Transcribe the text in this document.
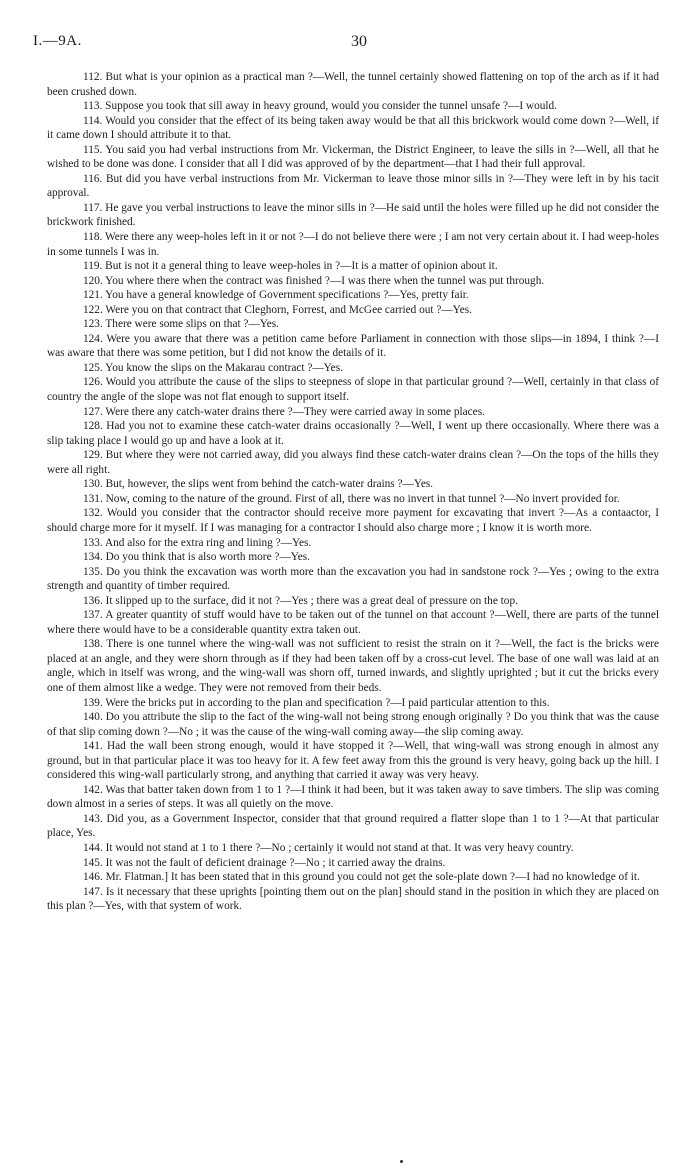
I.—9A.	30

112. But what is your opinion as a practical man ?—Well, the tunnel certainly showed flattening on top of the arch as if it had been crushed down.

113. Suppose you took that sill away in heavy ground, would you consider the tunnel unsafe ?—I would.

114. Would you consider that the effect of its being taken away would be that all this brickwork would come down ?—Well, if it came down I should attribute it to that.

115. You said you had verbal instructions from Mr. Vickerman, the District Engineer, to leave the sills in ?—Well, all that he wished to be done was done. I consider that all I did was approved of by the department—that I had their full approval.

116. But did you have verbal instructions from Mr. Vickerman to leave those minor sills in ?—They were left in by his tacit approval.

117. He gave you verbal instructions to leave the minor sills in ?—He said until the holes were filled up he did not consider the brickwork finished.

118. Were there any weep-holes left in it or not ?—I do not believe there were ; I am not very certain about it. I had weep-holes in some tunnels I was in.

119. But is not it a general thing to leave weep-holes in ?—It is a matter of opinion about it.

120. You where there when the contract was finished ?—I was there when the tunnel was put through.

121. You have a general knowledge of Government specifications ?—Yes, pretty fair.

122. Were you on that contract that Cleghorn, Forrest, and McGee carried out ?—Yes.

123. There were some slips on that ?—Yes.

124. Were you aware that there was a petition came before Parliament in connection with those slips—in 1894, I think ?—I was aware that there was some petition, but I did not know the details of it.

125. You know the slips on the Makarau contract ?—Yes.

126. Would you attribute the cause of the slips to steepness of slope in that particular ground ?—Well, certainly in that class of country the angle of the slope was not flat enough to support itself.

127. Were there any catch-water drains there ?—They were carried away in some places.

128. Had you not to examine these catch-water drains occasionally ?—Well, I went up there occasionally. Where there was a slip taking place I would go up and have a look at it.

129. But where they were not carried away, did you always find these catch-water drains clean ?—On the tops of the hills they were all right.

130. But, however, the slips went from behind the catch-water drains ?—Yes.

131. Now, coming to the nature of the ground. First of all, there was no invert in that tunnel ?—No invert provided for.

132. Would you consider that the contractor should receive more payment for excavating that invert ?—As a contaactor, I should charge more for it myself. If I was managing for a contractor I should also charge more ; I know it is worth more.

133. And also for the extra ring and lining ?—Yes.

134. Do you think that is also worth more ?—Yes.

135. Do you think the excavation was worth more than the excavation you had in sandstone rock ?—Yes ; owing to the extra strength and quantity of timber required.

136. It slipped up to the surface, did it not ?—Yes ; there was a great deal of pressure on the top.

137. A greater quantity of stuff would have to be taken out of the tunnel on that account ?—Well, there are parts of the tunnel where there would have to be a considerable quantity extra taken out.

138. There is one tunnel where the wing-wall was not sufficient to resist the strain on it ?—Well, the fact is the bricks were placed at an angle, and they were shorn through as if they had been taken off by a cross-cut level. The base of one wall was laid at an angle, which in itself was wrong, and the wing-wall was shorn off, turned inwards, and slightly uprighted ; but it cut the bricks every one of them almost like a wedge. They were not removed from their beds.

139. Were the bricks put in according to the plan and specification ?—I paid particular attention to this.

140. Do you attribute the slip to the fact of the wing-wall not being strong enough originally ? Do you think that was the cause of that slip coming down ?—No ; it was the cause of the wing-wall coming away—the slip coming away.

141. Had the wall been strong enough, would it have stopped it ?—Well, that wing-wall was strong enough in almost any ground, but in that particular place it was too heavy for it. A few feet away from this the ground is very heavy, going back up the hill. I considered this wing-wall particularly strong, and anything that carried it away was very heavy.

142. Was that batter taken down from 1 to 1 ?—I think it had been, but it was taken away to save timbers. The slip was coming down almost in a series of steps. It was all quietly on the move.

143. Did you, as a Government Inspector, consider that that ground required a flatter slope than 1 to 1 ?—At that particular place, Yes.

144. It would not stand at 1 to 1 there ?—No ; certainly it would not stand at that. It was very heavy country.

145. It was not the fault of deficient drainage ?—No ; it carried away the drains.

146. Mr. Flatman.] It has been stated that in this ground you could not get the sole-plate down ?—I had no knowledge of it.

147. Is it necessary that these uprights [pointing them out on the plan] should stand in the position in which they are placed on this plan ?—Yes, with that system of work.
